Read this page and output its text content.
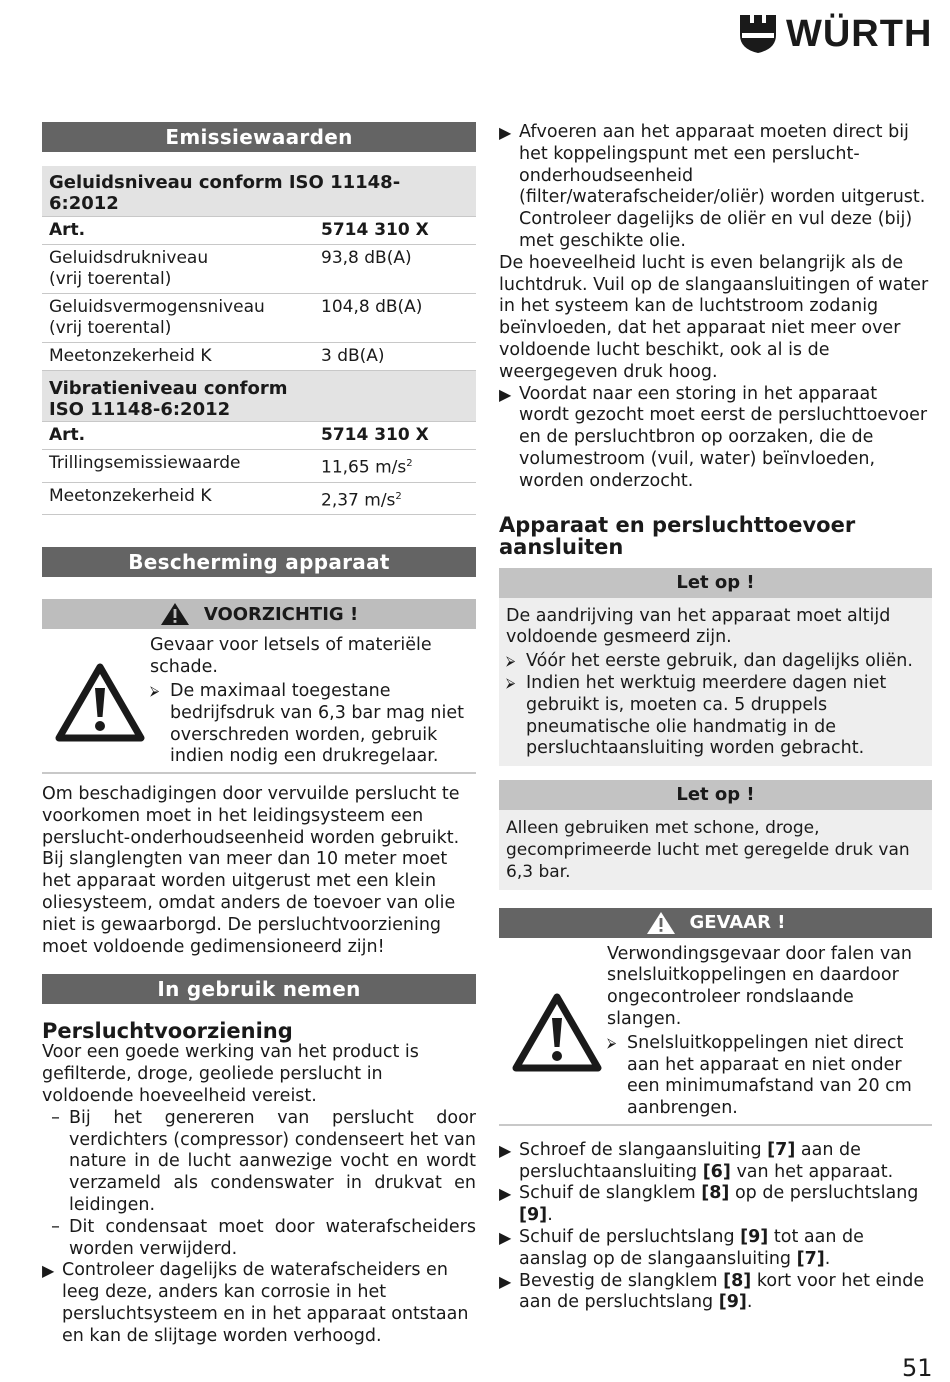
WÜRTH
Emissiewaarden
Geluidsniveau conform ISO 11148-6:2012	
Art.	5714 310 X
Geluidsdrukniveau
(vrij toerental)	93,8 dB(A)
Geluidsvermogensniveau
(vrij toerental)	104,8 dB(A)
Meetonzekerheid K	3 dB(A)
Vibratieniveau conform
ISO 11148-6:2012	
Art.	5714 310 X
Trillingsemissiewaarde	11,65 $m/s^2$
Meetonzekerheid K	2,37 $m/s^2$
Bescherming apparaat
VOORZICHTIG !

Gevaar voor letsels of materiële schade.

⮚ De maximaal toegestane bedrijfsdruk van 6,3 bar mag niet overschreden worden, gebruik indien nodig een drukregelaar.

Om beschadigingen door vervuilde perslucht te voorkomen moet in het leidingsysteem een perslucht-onderhoudseenheid worden gebruikt. Bij slanglengten van meer dan 10 meter moet het apparaat worden uitgerust met een klein oliesysteem, omdat anders de toevoer van olie niet is gewaarborgd. De persluchtvoorziening moet voldoende gedimensioneerd zijn!

In gebruik nemen

Persluchtvoorziening

Voor een goede werking van het product is gefilterde, droge, geoliede perslucht in voldoende hoeveelheid vereist.

– Bij het genereren van perslucht door verdichters (compressor) condenseert het van nature in de lucht aanwezige vocht en wordt verzameld als condenswater in drukvat en leidingen.
– Dit condensaat moet door waterafscheiders worden verwijderd.
▶ Controleer dagelijks de waterafscheiders en leeg deze, anders kan corrosie in het persluchtsysteem en in het apparaat ontstaan en kan de slijtage worden verhoogd.
▶ Afvoeren aan het apparaat moeten direct bij het koppelingspunt met een perslucht-onderhoudseenheid (filter/waterafscheider/oliër) worden uitgerust. Controleer dagelijks de oliër en vul deze (bij) met geschikte olie.

De hoeveelheid lucht is even belangrijk als de luchtdruk. Vuil op de slangaansluitingen of water in het systeem kan de luchtstroom zodanig beïnvloeden, dat het apparaat niet meer over voldoende lucht beschikt, ook al is de weergegeven druk hoog.

▶ Voordat naar een storing in het apparaat wordt gezocht moet eerst de persluchttoevoer en de persluchtbron op oorzaken, die de volumestroom (vuil, water) beïnvloeden, worden onderzocht.

Apparaat en persluchttoevoer aansluiten

Let op !

De aandrijving van het apparaat moet altijd voldoende gesmeerd zijn.

⮚ Vóór het eerste gebruik, dan dagelijks oliën.
⮚ Indien het werktuig meerdere dagen niet gebruikt is, moeten ca. 5 druppels pneumatische olie handmatig in de persluchtaansluiting worden gebracht.
Let op !

Alleen gebruiken met schone, droge, gecomprimeerde lucht met geregelde druk van 6,3 bar.

GEVAAR !

Verwondingsgevaar door falen van snelsluitkoppelingen en daardoor ongecontroleer rondslaande slangen.

⮚ Snelsluitkoppelingen niet direct aan het apparaat en niet onder een minimumafstand van 20 cm aanbrengen.
▶ Schroef de slangaansluiting [7] aan de persluchtaansluiting [6] van het apparaat.
▶ Schuif de slangklem [8] op de persluchtslang [9].
▶ Schuif de persluchtslang [9] tot aan de aanslag op de slangaansluiting [7].
▶ Bevestig de slangklem [8] kort voor het einde aan de persluchtslang [9].
51
